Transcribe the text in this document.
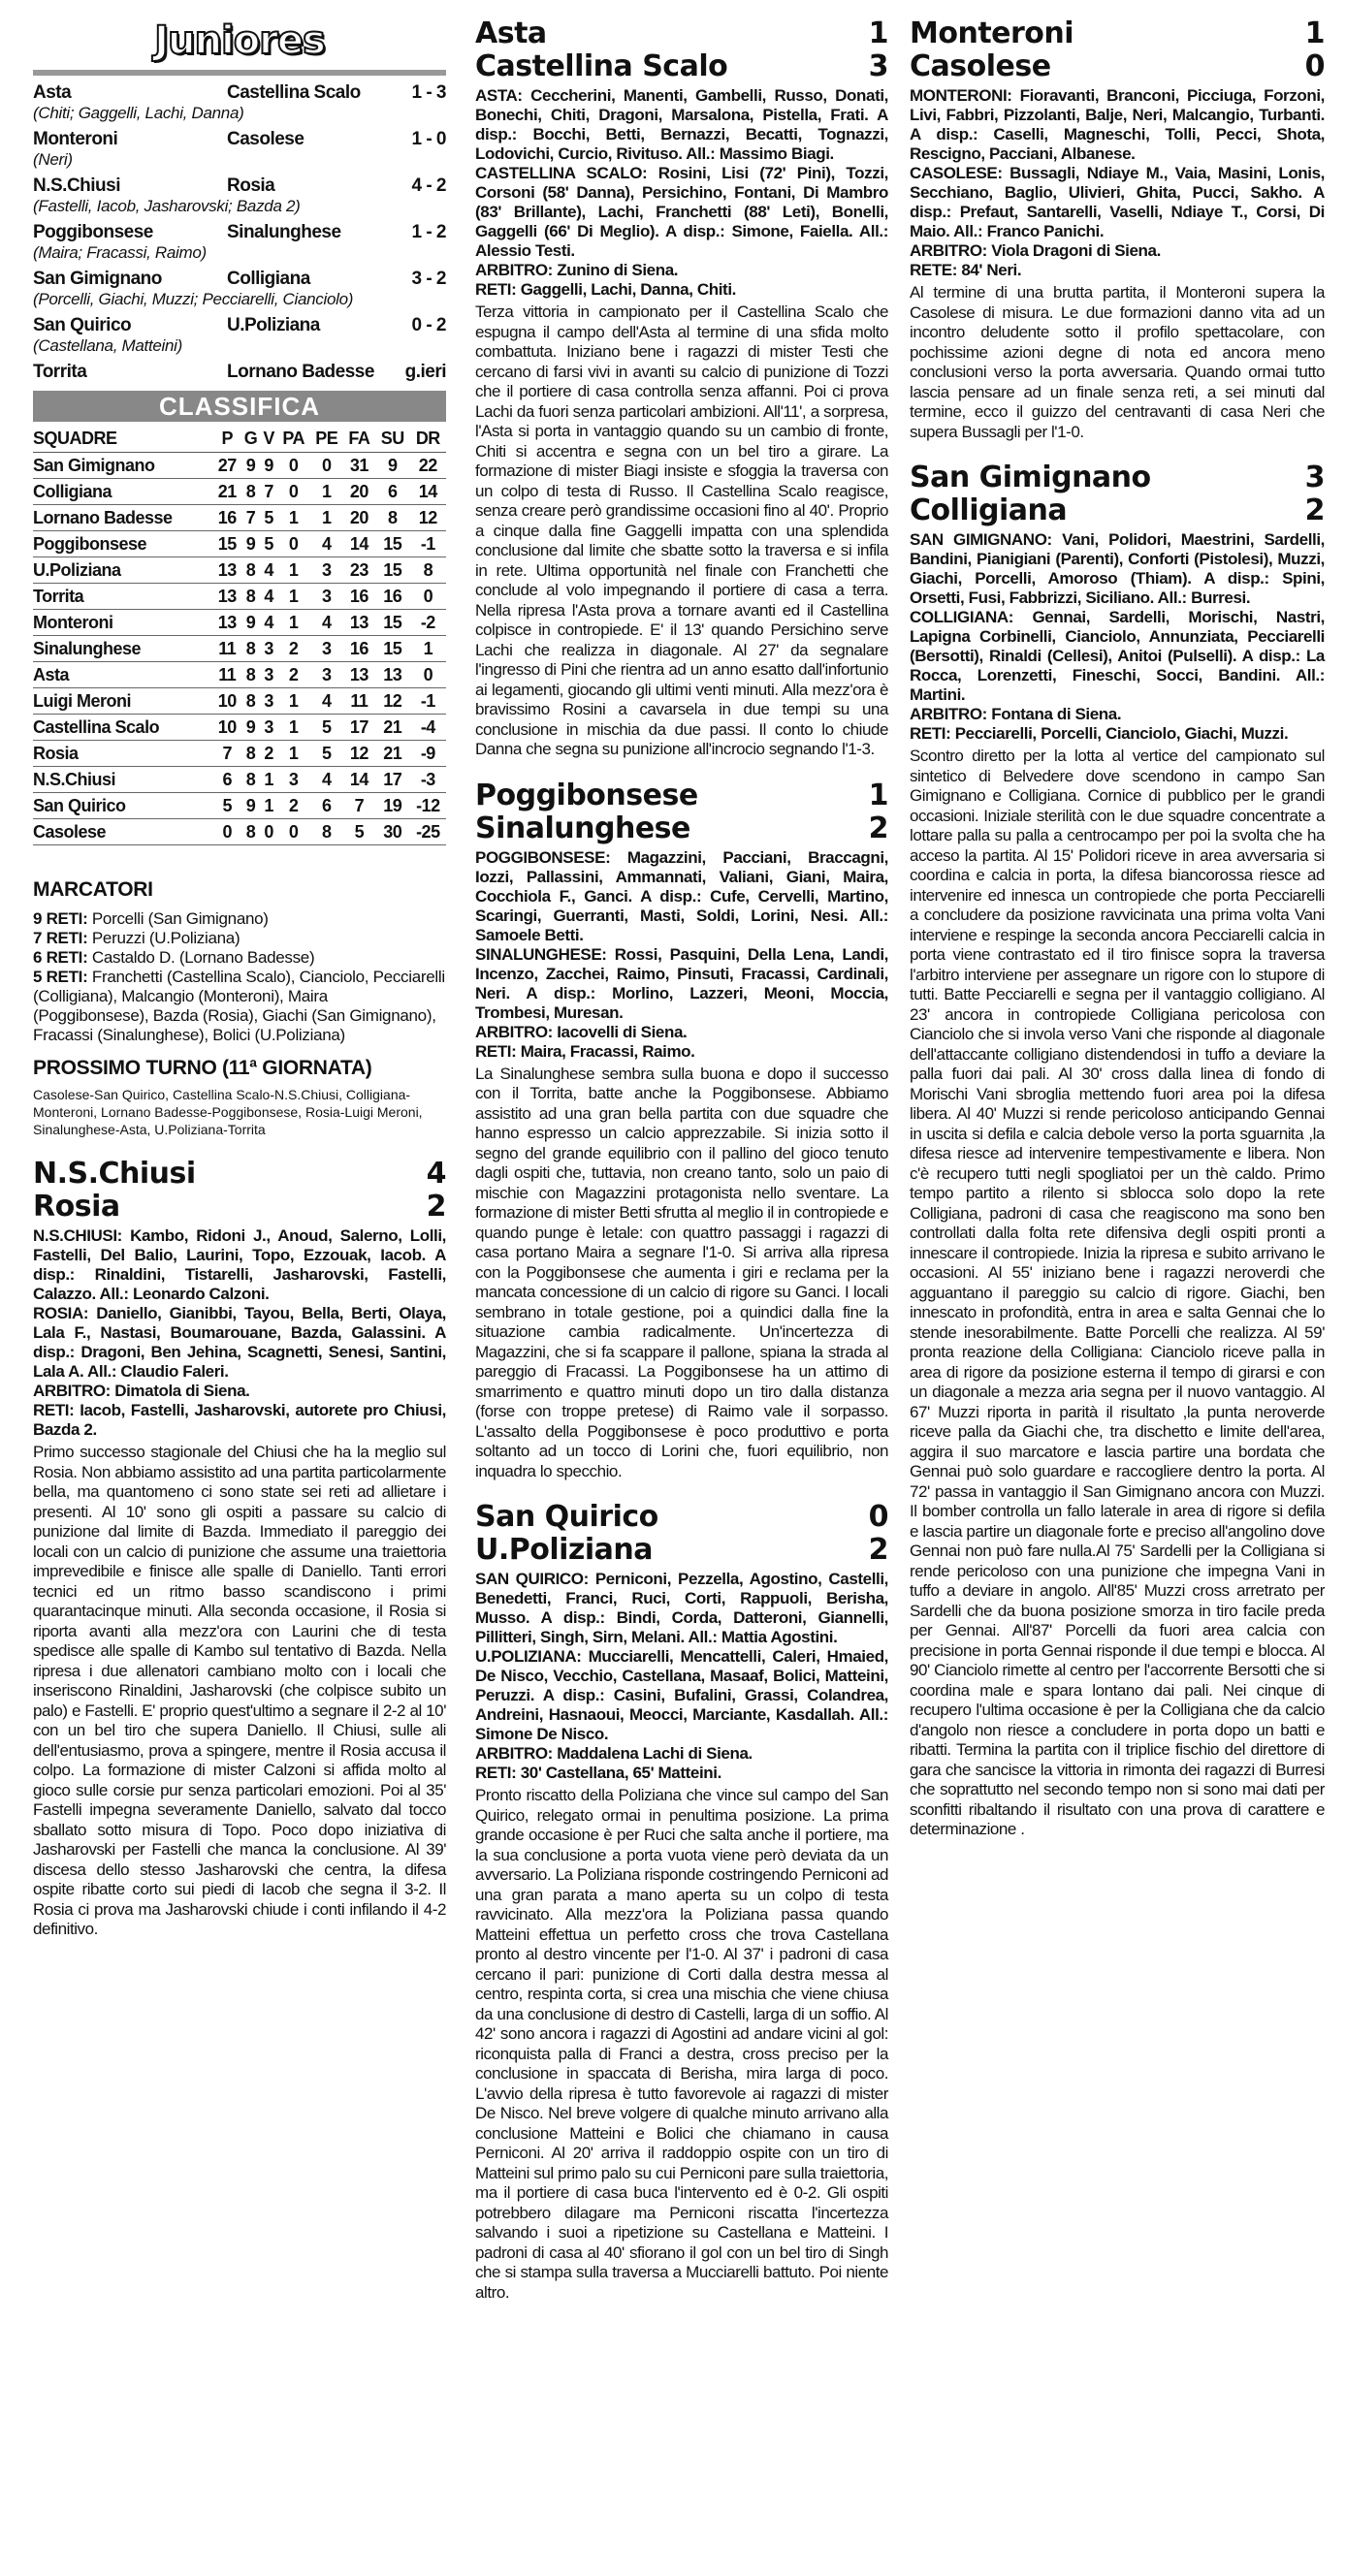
Juniores
Asta	Castellina Scalo	1 - 3
(Chiti; Gaggelli, Lachi, Danna)
Monteroni	Casolese	1 - 0
(Neri)
N.S.Chiusi	Rosia	4 - 2
(Fastelli, Iacob, Jasharovski; Bazda 2)
Poggibonsese	Sinalunghese	1 - 2
(Maira; Fracassi, Raimo)
San Gimignano	Colligiana	3 - 2
(Porcelli, Giachi, Muzzi; Pecciarelli, Cianciolo)
San Quirico	U.Poliziana	0 - 2
(Castellana, Matteini)
Torrita	Lornano Badesse	g.ieri
CLASSIFICA
SQUADRE	P	G	V	PA	PE	FA	SU	DR
San Gimignano	27	9	9	0	0	31	9	22
Colligiana	21	8	7	0	1	20	6	14
Lornano Badesse	16	7	5	1	1	20	8	12
Poggibonsese	15	9	5	0	4	14	15	-1
U.Poliziana	13	8	4	1	3	23	15	8
Torrita	13	8	4	1	3	16	16	0
Monteroni	13	9	4	1	4	13	15	-2
Sinalunghese	11	8	3	2	3	16	15	1
Asta	11	8	3	2	3	13	13	0
Luigi Meroni	10	8	3	1	4	11	12	-1
Castellina Scalo	10	9	3	1	5	17	21	-4
Rosia	7	8	2	1	5	12	21	-9
N.S.Chiusi	6	8	1	3	4	14	17	-3
San Quirico	5	9	1	2	6	7	19	-12
Casolese	0	8	0	0	8	5	30	-25
MARCATORI
9 RETI: Porcelli (San Gimignano)
7 RETI: Peruzzi (U.Poliziana)
6 RETI: Castaldo D. (Lornano Badesse)
5 RETI: Franchetti (Castellina Scalo), Cianciolo, Pecciarelli (Colligiana), Malcangio (Monteroni), Maira (Poggibonsese), Bazda (Rosia), Giachi (San Gimignano), Fracassi (Sinalunghese), Bolici (U.Poliziana)
PROSSIMO TURNO (11ª GIORNATA)
Casolese-San Quirico, Castellina Scalo-N.S.Chiusi, Colligiana-Monteroni, Lornano Badesse-Poggibonsese, Rosia-Luigi Meroni, Sinalunghese-Asta, U.Poliziana-Torrita
N.S.Chiusi	4
Rosia	2
N.S.CHIUSI: Kambo, Ridoni J., Anoud, Salerno, Lolli, Fastelli, Del Balio, Laurini, Topo, Ezzouak, Iacob. A disp.: Rinaldini, Tistarelli, Jasharovski, Fastelli, Calazzo. All.: Leonardo Calzoni.
ROSIA: Daniello, Gianibbi, Tayou, Bella, Berti, Olaya, Lala F., Nastasi, Boumarouane, Bazda, Galassini. A disp.: Dragoni, Ben Jehina, Scagnetti, Senesi, Santini, Lala A. All.: Claudio Faleri.
ARBITRO: Dimatola di Siena.
RETI: Iacob, Fastelli, Jasharovski, autorete pro Chiusi, Bazda 2.
Primo successo stagionale del Chiusi che ha la meglio sul Rosia. Non abbiamo assistito ad una partita particolarmente bella, ma quantomeno ci sono state sei reti ad allietare i presenti. Al 10' sono gli ospiti a passare su calcio di punizione dal limite di Bazda. Immediato il pareggio dei locali con un calcio di punizione che assume una traiettoria imprevedibile e finisce alle spalle di Daniello. Tanti errori tecnici ed un ritmo basso scandiscono i primi quarantacinque minuti. Alla seconda occasione, il Rosia si riporta avanti alla mezz'ora con Laurini che di testa spedisce alle spalle di Kambo sul tentativo di Bazda. Nella ripresa i due allenatori cambiano molto con i locali che inseriscono Rinaldini, Jasharovski (che colpisce subito un palo) e Fastelli. E' proprio quest'ultimo a segnare il 2-2 al 10' con un bel tiro che supera Daniello. Il Chiusi, sulle ali dell'entusiasmo, prova a spingere, mentre il Rosia accusa il colpo. La formazione di mister Calzoni si affida molto al gioco sulle corsie pur senza particolari emozioni. Poi al 35' Fastelli impegna severamente Daniello, salvato dal tocco sballato sotto misura di Topo. Poco dopo iniziativa di Jasharovski per Fastelli che manca la conclusione. Al 39' discesa dello stesso Jasharovski che centra, la difesa ospite ribatte corto sui piedi di Iacob che segna il 3-2. Il Rosia ci prova ma Jasharovski chiude i conti infilando il 4-2 definitivo.
Asta	1
Castellina Scalo	3
ASTA: Ceccherini, Manenti, Gambelli, Russo, Donati, Bonechi, Chiti, Dragoni, Marsalona, Pistella, Frati. A disp.: Bocchi, Betti, Bernazzi, Becatti, Tognazzi, Lodovichi, Curcio, Rivituso. All.: Massimo Biagi.
CASTELLINA SCALO: Rosini, Lisi (72' Pini), Tozzi, Corsoni (58' Danna), Persichino, Fontani, Di Mambro (83' Brillante), Lachi, Franchetti (88' Leti), Bonelli, Gaggelli (66' Di Meglio). A disp.: Simone, Faiella. All.: Alessio Testi.
ARBITRO: Zunino di Siena.
RETI: Gaggelli, Lachi, Danna, Chiti.
Terza vittoria in campionato per il Castellina Scalo che espugna il campo dell'Asta al termine di una sfida molto combattuta. Iniziano bene i ragazzi di mister Testi che cercano di farsi vivi in avanti su calcio di punizione di Tozzi che il portiere di casa controlla senza affanni. Poi ci prova Lachi da fuori senza particolari ambizioni. All'11', a sorpresa, l'Asta si porta in vantaggio quando su un cambio di fronte, Chiti si accentra e segna con un bel tiro a girare. La formazione di mister Biagi insiste e sfoggia la traversa con un colpo di testa di Russo. Il Castellina Scalo reagisce, senza creare però grandissime occasioni fino al 40'. Proprio a cinque dalla fine Gaggelli impatta con una splendida conclusione dal limite che sbatte sotto la traversa e si infila in rete. Ultima opportunità nel finale con Franchetti che conclude al volo impegnando il portiere di casa a terra. Nella ripresa l'Asta prova a tornare avanti ed il Castellina colpisce in contropiede. E' il 13' quando Persichino serve Lachi che realizza in diagonale. Al 27' da segnalare l'ingresso di Pini che rientra ad un anno esatto dall'infortunio ai legamenti, giocando gli ultimi venti minuti. Alla mezz'ora è bravissimo Rosini a cavarsela in due tempi su una conclusione in mischia da due passi. Il conto lo chiude Danna che segna su punizione all'incrocio segnando l'1-3.
Poggibonsese	1
Sinalunghese	2
POGGIBONSESE: Magazzini, Pacciani, Braccagni, Iozzi, Pallassini, Ammannati, Valiani, Giani, Maira, Cocchiola F., Ganci. A disp.: Cufe, Cervelli, Martino, Scaringi, Guerranti, Masti, Soldi, Lorini, Nesi. All.: Samoele Betti.
SINALUNGHESE: Rossi, Pasquini, Della Lena, Landi, Incenzo, Zacchei, Raimo, Pinsuti, Fracassi, Cardinali, Neri. A disp.: Morlino, Lazzeri, Meoni, Moccia, Trombesi, Muresan.
ARBITRO: Iacovelli di Siena.
RETI: Maira, Fracassi, Raimo.
La Sinalunghese sembra sulla buona e dopo il successo con il Torrita, batte anche la Poggibonsese. Abbiamo assistito ad una gran bella partita con due squadre che hanno espresso un calcio apprezzabile. Si inizia sotto il segno del grande equilibrio con il pallino del gioco tenuto dagli ospiti che, tuttavia, non creano tanto, solo un paio di mischie con Magazzini protagonista nello sventare. La formazione di mister Betti sfrutta al meglio il in contropiede e quando punge è letale: con quattro passaggi i ragazzi di casa portano Maira a segnare l'1-0. Si arriva alla ripresa con la Poggibonsese che aumenta i giri e reclama per la mancata concessione di un calcio di rigore su Ganci. I locali sembrano in totale gestione, poi a quindici dalla fine la situazione cambia radicalmente. Un'incertezza di Magazzini, che si fa scappare il pallone, spiana la strada al pareggio di Fracassi. La Poggibonsese ha un attimo di smarrimento e quattro minuti dopo un tiro dalla distanza (forse con troppe pretese) di Raimo vale il sorpasso. L'assalto della Poggibonsese è poco produttivo e porta soltanto ad un tocco di Lorini che, fuori equilibrio, non inquadra lo specchio.
San Quirico	0
U.Poliziana	2
SAN QUIRICO: Perniconi, Pezzella, Agostino, Castelli, Benedetti, Franci, Ruci, Corti, Rappuoli, Berisha, Musso. A disp.: Bindi, Corda, Datteroni, Giannelli, Pillitteri, Singh, Sirn, Melani. All.: Mattia Agostini.
U.POLIZIANA: Mucciarelli, Mencattelli, Caleri, Hmaied, De Nisco, Vecchio, Castellana, Masaaf, Bolici, Matteini, Peruzzi. A disp.: Casini, Bufalini, Grassi, Colandrea, Andreini, Hasnaoui, Meocci, Marciante, Kasdallah. All.: Simone De Nisco.
ARBITRO: Maddalena Lachi di Siena.
RETI: 30' Castellana, 65' Matteini.
Pronto riscatto della Poliziana che vince sul campo del San Quirico, relegato ormai in penultima posizione. La prima grande occasione è per Ruci che salta anche il portiere, ma la sua conclusione a porta vuota viene però deviata da un avversario. La Poliziana risponde costringendo Perniconi ad una gran parata a mano aperta su un colpo di testa ravvicinato. Alla mezz'ora la Poliziana passa quando Matteini effettua un perfetto cross che trova Castellana pronto al destro vincente per l'1-0. Al 37' i padroni di casa cercano il pari: punizione di Corti dalla destra messa al centro, respinta corta, si crea una mischia che viene chiusa da una conclusione di destro di Castelli, larga di un soffio. Al 42' sono ancora i ragazzi di Agostini ad andare vicini al gol: riconquista palla di Franci a destra, cross preciso per la conclusione in spaccata di Berisha, mira larga di poco. L'avvio della ripresa è tutto favorevole ai ragazzi di mister De Nisco. Nel breve volgere di qualche minuto arrivano alla conclusione Matteini e Bolici che chiamano in causa Perniconi. Al 20' arriva il raddoppio ospite con un tiro di Matteini sul primo palo su cui Perniconi pare sulla traiettoria, ma il portiere di casa buca l'intervento ed è 0-2. Gli ospiti potrebbero dilagare ma Perniconi riscatta l'incertezza salvando i suoi a ripetizione su Castellana e Matteini. I padroni di casa al 40' sfiorano il gol con un bel tiro di Singh che si stampa sulla traversa a Mucciarelli battuto. Poi niente altro.
Monteroni	1
Casolese	0
MONTERONI: Fioravanti, Branconi, Picciuga, Forzoni, Livi, Fabbri, Pizzolanti, Balje, Neri, Malcangio, Turbanti. A disp.: Caselli, Magneschi, Tolli, Pecci, Shota, Rescigno, Pacciani, Albanese.
CASOLESE: Bussagli, Ndiaye M., Vaia, Masini, Lonis, Secchiano, Baglio, Ulivieri, Ghita, Pucci, Sakho. A disp.: Prefaut, Santarelli, Vaselli, Ndiaye T., Corsi, Di Maio. All.: Franco Panichi.
ARBITRO: Viola Dragoni di Siena.
RETE: 84' Neri.
Al termine di una brutta partita, il Monteroni supera la Casolese di misura. Le due formazioni danno vita ad un incontro deludente sotto il profilo spettacolare, con pochissime azioni degne di nota ed ancora meno conclusioni verso la porta avversaria. Quando ormai tutto lascia pensare ad un finale senza reti, a sei minuti dal termine, ecco il guizzo del centravanti di casa Neri che supera Bussagli per l'1-0.
San Gimignano	3
Colligiana	2
SAN GIMIGNANO: Vani, Polidori, Maestrini, Sardelli, Bandini, Pianigiani (Parenti), Conforti (Pistolesi), Muzzi, Giachi, Porcelli, Amoroso (Thiam). A disp.: Spini, Orsetti, Fusi, Fabbrizzi, Siciliano. All.: Burresi.
COLLIGIANA: Gennai, Sardelli, Morischi, Nastri, Lapigna Corbinelli, Cianciolo, Annunziata, Pecciarelli (Bersotti), Rinaldi (Cellesi), Anitoi (Pulselli). A disp.: La Rocca, Lorenzetti, Fineschi, Socci, Bandini. All.: Martini.
ARBITRO: Fontana di Siena.
RETI: Pecciarelli, Porcelli, Cianciolo, Giachi, Muzzi.
Scontro diretto per la lotta al vertice del campionato sul sintetico di Belvedere dove scendono in campo San Gimignano e Colligiana. Cornice di pubblico per le grandi occasioni. Iniziale sterilità con le due squadre concentrate a lottare palla su palla a centrocampo per poi la svolta che ha acceso la partita. Al 15' Polidori riceve in area avversaria si coordina e calcia in porta, la difesa biancorossa riesce ad intervenire ed innesca un contropiede che porta Pecciarelli a concludere da posizione ravvicinata una prima volta Vani interviene e respinge la seconda ancora Pecciarelli calcia in porta viene contrastato ed il tiro finisce sopra la traversa l'arbitro interviene per assegnare un rigore con lo stupore di tutti. Batte Pecciarelli e segna per il vantaggio colligiano. Al 23' ancora in contropiede Colligiana pericolosa con Cianciolo che si invola verso Vani che risponde al diagonale dell'attaccante colligiano distendendosi in tuffo a deviare la palla fuori dai pali. Al 30' cross dalla linea di fondo di Morischi Vani sbroglia mettendo fuori area poi la difesa libera. Al 40' Muzzi si rende pericoloso anticipando Gennai in uscita si defila e calcia debole verso la porta sguarnita ,la difesa riesce ad intervenire tempestivamente e libera. Non c'è recupero tutti negli spogliatoi per un thè caldo. Primo tempo partito a rilento si sblocca solo dopo la rete Colligiana, padroni di casa che reagiscono ma sono ben controllati dalla folta rete difensiva degli ospiti pronti a innescare il contropiede. Inizia la ripresa e subito arrivano le occasioni. Al 55' iniziano bene i ragazzi neroverdi che agguantano il pareggio su calcio di rigore. Giachi, ben innescato in profondità, entra in area e salta Gennai che lo stende inesorabilmente. Batte Porcelli che realizza. Al 59' pronta reazione della Colligiana: Cianciolo riceve palla in area di rigore da posizione esterna il tempo di girarsi e con un diagonale a mezza aria segna per il nuovo vantaggio. Al 67' Muzzi riporta in parità il risultato ,la punta neroverde riceve palla da Giachi che, tra dischetto e limite dell'area, aggira il suo marcatore e lascia partire una bordata che Gennai può solo guardare e raccogliere dentro la porta. Al 72' passa in vantaggio il San Gimignano ancora con Muzzi. Il bomber controlla un fallo laterale in area di rigore si defila e lascia partire un diagonale forte e preciso all'angolino dove Gennai non può fare nulla.Al 75' Sardelli per la Colligiana si rende pericoloso con una punizione che impegna Vani in tuffo a deviare in angolo. All'85' Muzzi cross arretrato per Sardelli che da buona posizione smorza in tiro facile preda per Gennai. All'87' Porcelli da fuori area calcia con precisione in porta Gennai risponde il due tempi e blocca. Al 90' Cianciolo rimette al centro per l'accorrente Bersotti che si coordina male e spara lontano dai pali. Nei cinque di recupero l'ultima occasione è per la Colligiana che da calcio d'angolo non riesce a concludere in porta dopo un batti e ribatti. Termina la partita con il triplice fischio del direttore di gara che sancisce la vittoria in rimonta dei ragazzi di Burresi che soprattutto nel secondo tempo non si sono mai dati per sconfitti ribaltando il risultato con una prova di carattere e determinazione .
